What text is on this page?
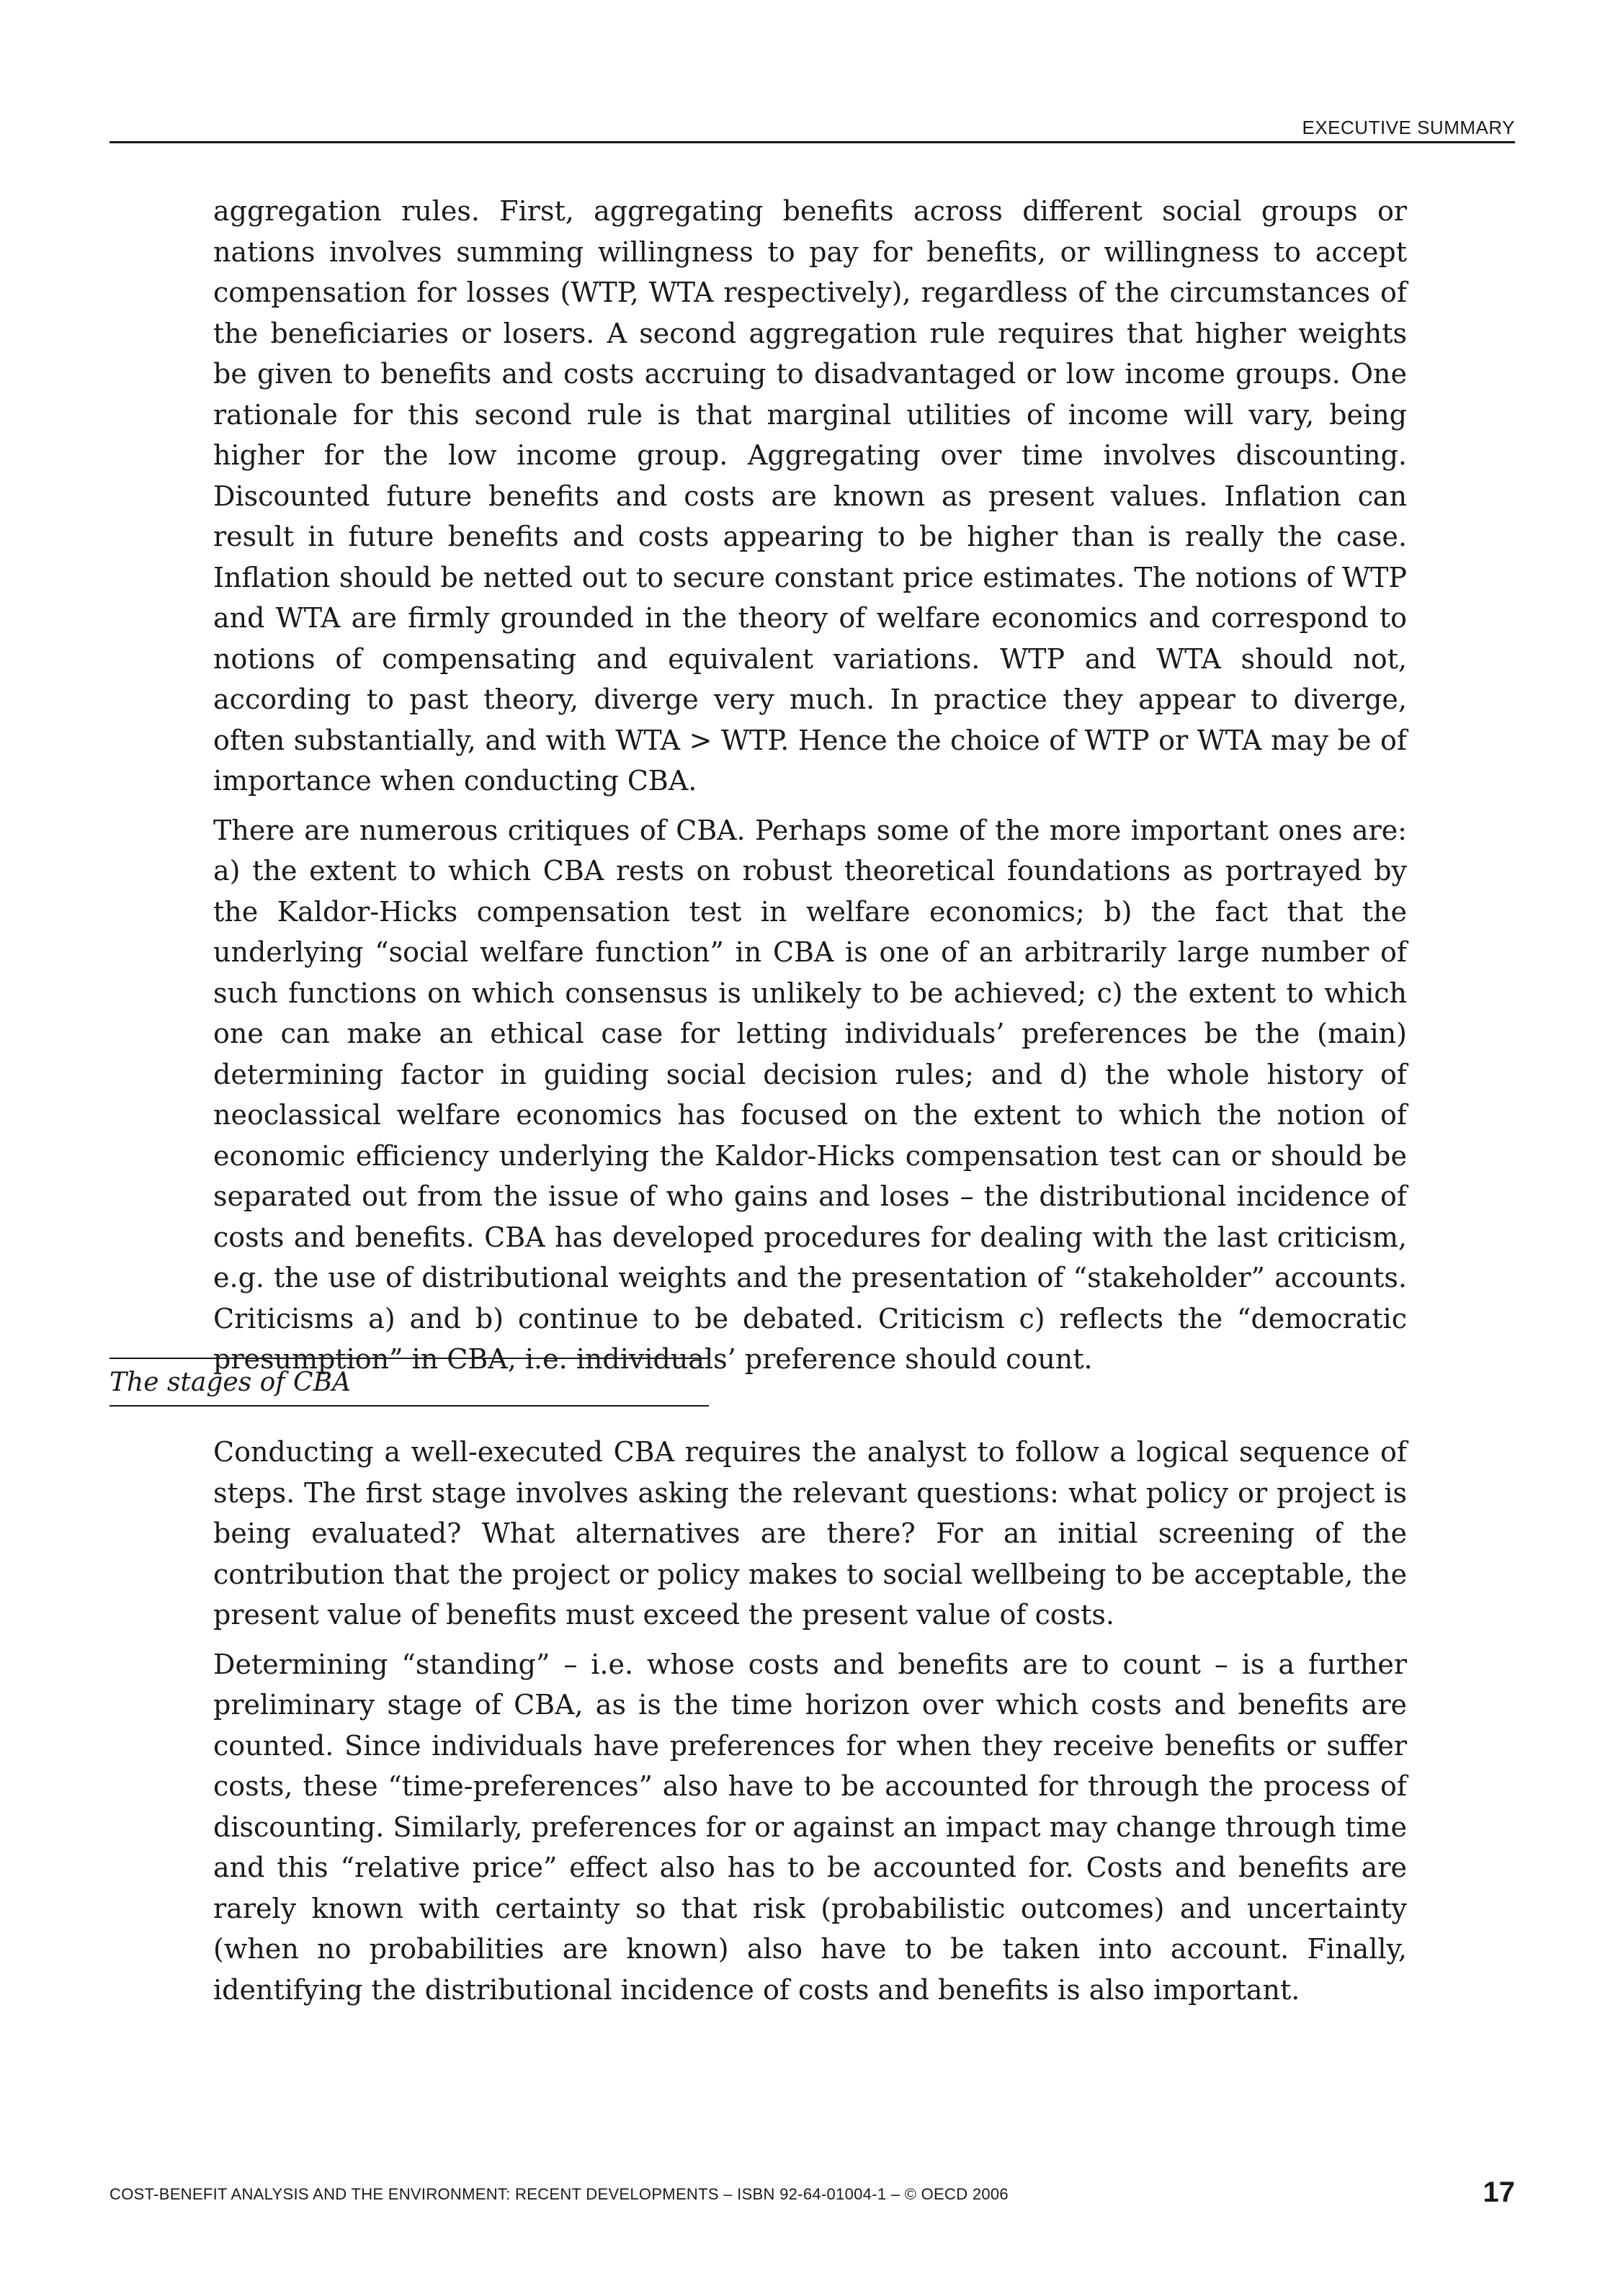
EXECUTIVE SUMMARY

aggregation rules. First, aggregating benefits across different social groups or nations involves summing willingness to pay for benefits, or willingness to accept compensation for losses (WTP, WTA respectively), regardless of the circumstances of the beneficiaries or losers. A second aggregation rule requires that higher weights be given to benefits and costs accruing to disadvantaged or low income groups. One rationale for this second rule is that marginal utilities of income will vary, being higher for the low income group. Aggregating over time involves discounting. Discounted future benefits and costs are known as present values. Inflation can result in future benefits and costs appearing to be higher than is really the case. Inflation should be netted out to secure constant price estimates. The notions of WTP and WTA are firmly grounded in the theory of welfare economics and correspond to notions of compensating and equivalent variations. WTP and WTA should not, according to past theory, diverge very much. In practice they appear to diverge, often substantially, and with WTA > WTP. Hence the choice of WTP or WTA may be of importance when conducting CBA.

There are numerous critiques of CBA. Perhaps some of the more important ones are: a) the extent to which CBA rests on robust theoretical foundations as portrayed by the Kaldor-Hicks compensation test in welfare economics; b) the fact that the underlying “social welfare function” in CBA is one of an arbitrarily large number of such functions on which consensus is unlikely to be achieved; c) the extent to which one can make an ethical case for letting individuals’ preferences be the (main) determining factor in guiding social decision rules; and d) the whole history of neoclassical welfare economics has focused on the extent to which the notion of economic efficiency underlying the Kaldor-Hicks compensation test can or should be separated out from the issue of who gains and loses – the distributional incidence of costs and benefits. CBA has developed procedures for dealing with the last criticism, e.g. the use of distributional weights and the presentation of “stakeholder” accounts. Criticisms a) and b) continue to be debated. Criticism c) reflects the “democratic presumption” in CBA, i.e. individuals’ preference should count.

The stages of CBA

Conducting a well-executed CBA requires the analyst to follow a logical sequence of steps. The first stage involves asking the relevant questions: what policy or project is being evaluated? What alternatives are there? For an initial screening of the contribution that the project or policy makes to social wellbeing to be acceptable, the present value of benefits must exceed the present value of costs.

Determining “standing” – i.e. whose costs and benefits are to count – is a further preliminary stage of CBA, as is the time horizon over which costs and benefits are counted. Since individuals have preferences for when they receive benefits or suffer costs, these “time-preferences” also have to be accounted for through the process of discounting. Similarly, preferences for or against an impact may change through time and this “relative price” effect also has to be accounted for. Costs and benefits are rarely known with certainty so that risk (probabilistic outcomes) and uncertainty (when no probabilities are known) also have to be taken into account. Finally, identifying the distributional incidence of costs and benefits is also important.

COST-BENEFIT ANALYSIS AND THE ENVIRONMENT: RECENT DEVELOPMENTS – ISBN 92-64-01004-1 – © OECD 2006	17
